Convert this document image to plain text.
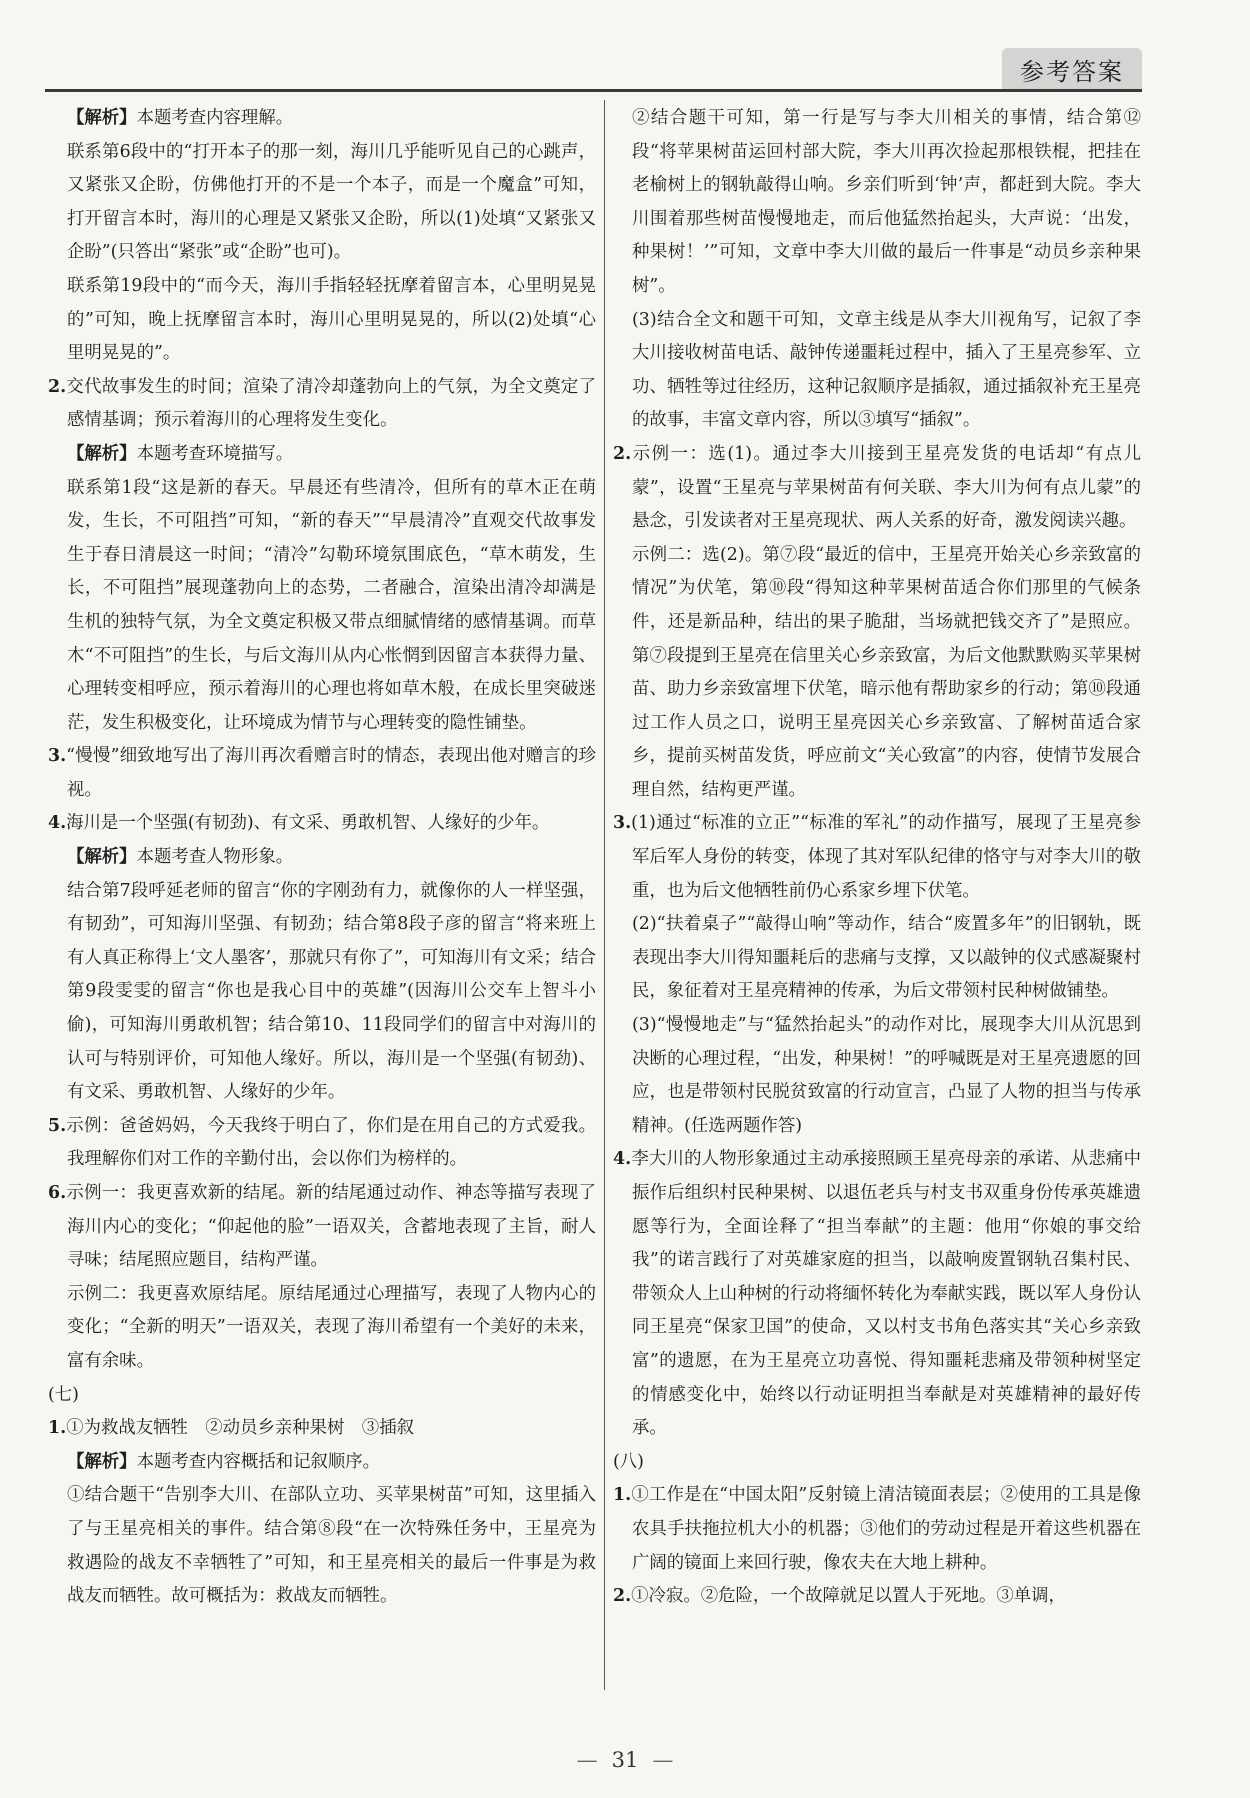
参考答案
【解析】本题考查内容理解。
联系第6段中的“打开本子的那一刻，海川几乎能听见自己的心跳声，又紧张又企盼，仿佛他打开的不是一个本子，而是一个魔盒”可知，打开留言本时，海川的心理是又紧张又企盼，所以(1)处填“又紧张又企盼”(只答出“紧张”或“企盼”也可)。
联系第19段中的“而今天，海川手指轻轻抚摩着留言本，心里明晃晃的”可知，晚上抚摩留言本时，海川心里明晃晃的，所以(2)处填“心里明晃晃的”。
2.交代故事发生的时间；渲染了清冷却蓬勃向上的气氛，为全文奠定了感情基调；预示着海川的心理将发生变化。
【解析】本题考查环境描写。
联系第1段“这是新的春天。早晨还有些清冷，但所有的草木正在萌发，生长，不可阻挡”可知，“新的春天”“早晨清冷”直观交代故事发生于春日清晨这一时间；“清冷”勾勒环境氛围底色，“草木萌发，生长，不可阻挡”展现蓬勃向上的态势，二者融合，渲染出清冷却满是生机的独特气氛，为全文奠定积极又带点细腻情绪的感情基调。而草木“不可阻挡”的生长，与后文海川从内心怅惘到因留言本获得力量、心理转变相呼应，预示着海川的心理也将如草木般，在成长里突破迷茫，发生积极变化，让环境成为情节与心理转变的隐性铺垫。
3.“慢慢”细致地写出了海川再次看赠言时的情态，表现出他对赠言的珍视。
4.海川是一个坚强(有韧劲)、有文采、勇敢机智、人缘好的少年。
【解析】本题考查人物形象。
结合第7段呼延老师的留言“你的字刚劲有力，就像你的人一样坚强，有韧劲”，可知海川坚强、有韧劲；结合第8段子彦的留言“将来班上有人真正称得上‘文人墨客’，那就只有你了”，可知海川有文采；结合第9段雯雯的留言“你也是我心目中的英雄”(因海川公交车上智斗小偷)，可知海川勇敢机智；结合第10、11段同学们的留言中对海川的认可与特别评价，可知他人缘好。所以，海川是一个坚强(有韧劲)、有文采、勇敢机智、人缘好的少年。
5.示例：爸爸妈妈，今天我终于明白了，你们是在用自己的方式爱我。我理解你们对工作的辛勤付出，会以你们为榜样的。
6.示例一：我更喜欢新的结尾。新的结尾通过动作、神态等描写表现了海川内心的变化；“仰起他的脸”一语双关，含蓄地表现了主旨，耐人寻味；结尾照应题目，结构严谨。
示例二：我更喜欢原结尾。原结尾通过心理描写，表现了人物内心的变化；“全新的明天”一语双关，表现了海川希望有一个美好的未来，富有余味。
(七)
1.①为救战友牺牲　②动员乡亲种果树　③插叙
【解析】本题考查内容概括和记叙顺序。
①结合题干“告别李大川、在部队立功、买苹果树苗”可知，这里插入了与王星亮相关的事件。结合第⑧段“在一次特殊任务中，王星亮为救遇险的战友不幸牺牲了”可知，和王星亮相关的最后一件事是为救战友而牺牲。故可概括为：救战友而牺牲。
②结合题干可知，第一行是写与李大川相关的事情，结合第⑫段“将苹果树苗运回村部大院，李大川再次捡起那根铁棍，把挂在老榆树上的钢轨敲得山响。乡亲们听到‘钟’声，都赶到大院。李大川围着那些树苗慢慢地走，而后他猛然抬起头，大声说：‘出发，种果树！’”可知，文章中李大川做的最后一件事是“动员乡亲种果树”。
(3)结合全文和题干可知，文章主线是从李大川视角写，记叙了李大川接收树苗电话、敲钟传递噩耗过程中，插入了王星亮参军、立功、牺牲等过往经历，这种记叙顺序是插叙，通过插叙补充王星亮的故事，丰富文章内容，所以③填写“插叙”。
2.示例一：选(1)。通过李大川接到王星亮发货的电话却“有点儿蒙”，设置“王星亮与苹果树苗有何关联、李大川为何有点儿蒙”的悬念，引发读者对王星亮现状、两人关系的好奇，激发阅读兴趣。
示例二：选(2)。第⑦段“最近的信中，王星亮开始关心乡亲致富的情况”为伏笔，第⑩段“得知这种苹果树苗适合你们那里的气候条件，还是新品种，结出的果子脆甜，当场就把钱交齐了”是照应。第⑦段提到王星亮在信里关心乡亲致富，为后文他默默购买苹果树苗、助力乡亲致富埋下伏笔，暗示他有帮助家乡的行动；第⑩段通过工作人员之口，说明王星亮因关心乡亲致富、了解树苗适合家乡，提前买树苗发货，呼应前文“关心致富”的内容，使情节发展合理自然，结构更严谨。
3.(1)通过“标准的立正”“标准的军礼”的动作描写，展现了王星亮参军后军人身份的转变，体现了其对军队纪律的恪守与对李大川的敬重，也为后文他牺牲前仍心系家乡埋下伏笔。
(2)“扶着桌子”“敲得山响”等动作，结合“废置多年”的旧钢轨，既表现出李大川得知噩耗后的悲痛与支撑，又以敲钟的仪式感凝聚村民，象征着对王星亮精神的传承，为后文带领村民种树做铺垫。
(3)“慢慢地走”与“猛然抬起头”的动作对比，展现李大川从沉思到决断的心理过程，“出发，种果树！”的呼喊既是对王星亮遗愿的回应，也是带领村民脱贫致富的行动宣言，凸显了人物的担当与传承精神。(任选两题作答)
4.李大川的人物形象通过主动承接照顾王星亮母亲的承诺、从悲痛中振作后组织村民种果树、以退伍老兵与村支书双重身份传承英雄遗愿等行为，全面诠释了“担当奉献”的主题：他用“你娘的事交给我”的诺言践行了对英雄家庭的担当，以敲响废置钢轨召集村民、带领众人上山种树的行动将缅怀转化为奉献实践，既以军人身份认同王星亮“保家卫国”的使命，又以村支书角色落实其“关心乡亲致富”的遗愿，在为王星亮立功喜悦、得知噩耗悲痛及带领种树坚定的情感变化中，始终以行动证明担当奉献是对英雄精神的最好传承。
(八)
1.①工作是在“中国太阳”反射镜上清洁镜面表层；②使用的工具是像农具手扶拖拉机大小的机器；③他们的劳动过程是开着这些机器在广阔的镜面上来回行驶，像农夫在大地上耕种。
2.①冷寂。②危险，一个故障就足以置人于死地。③单调，
— 31 —
